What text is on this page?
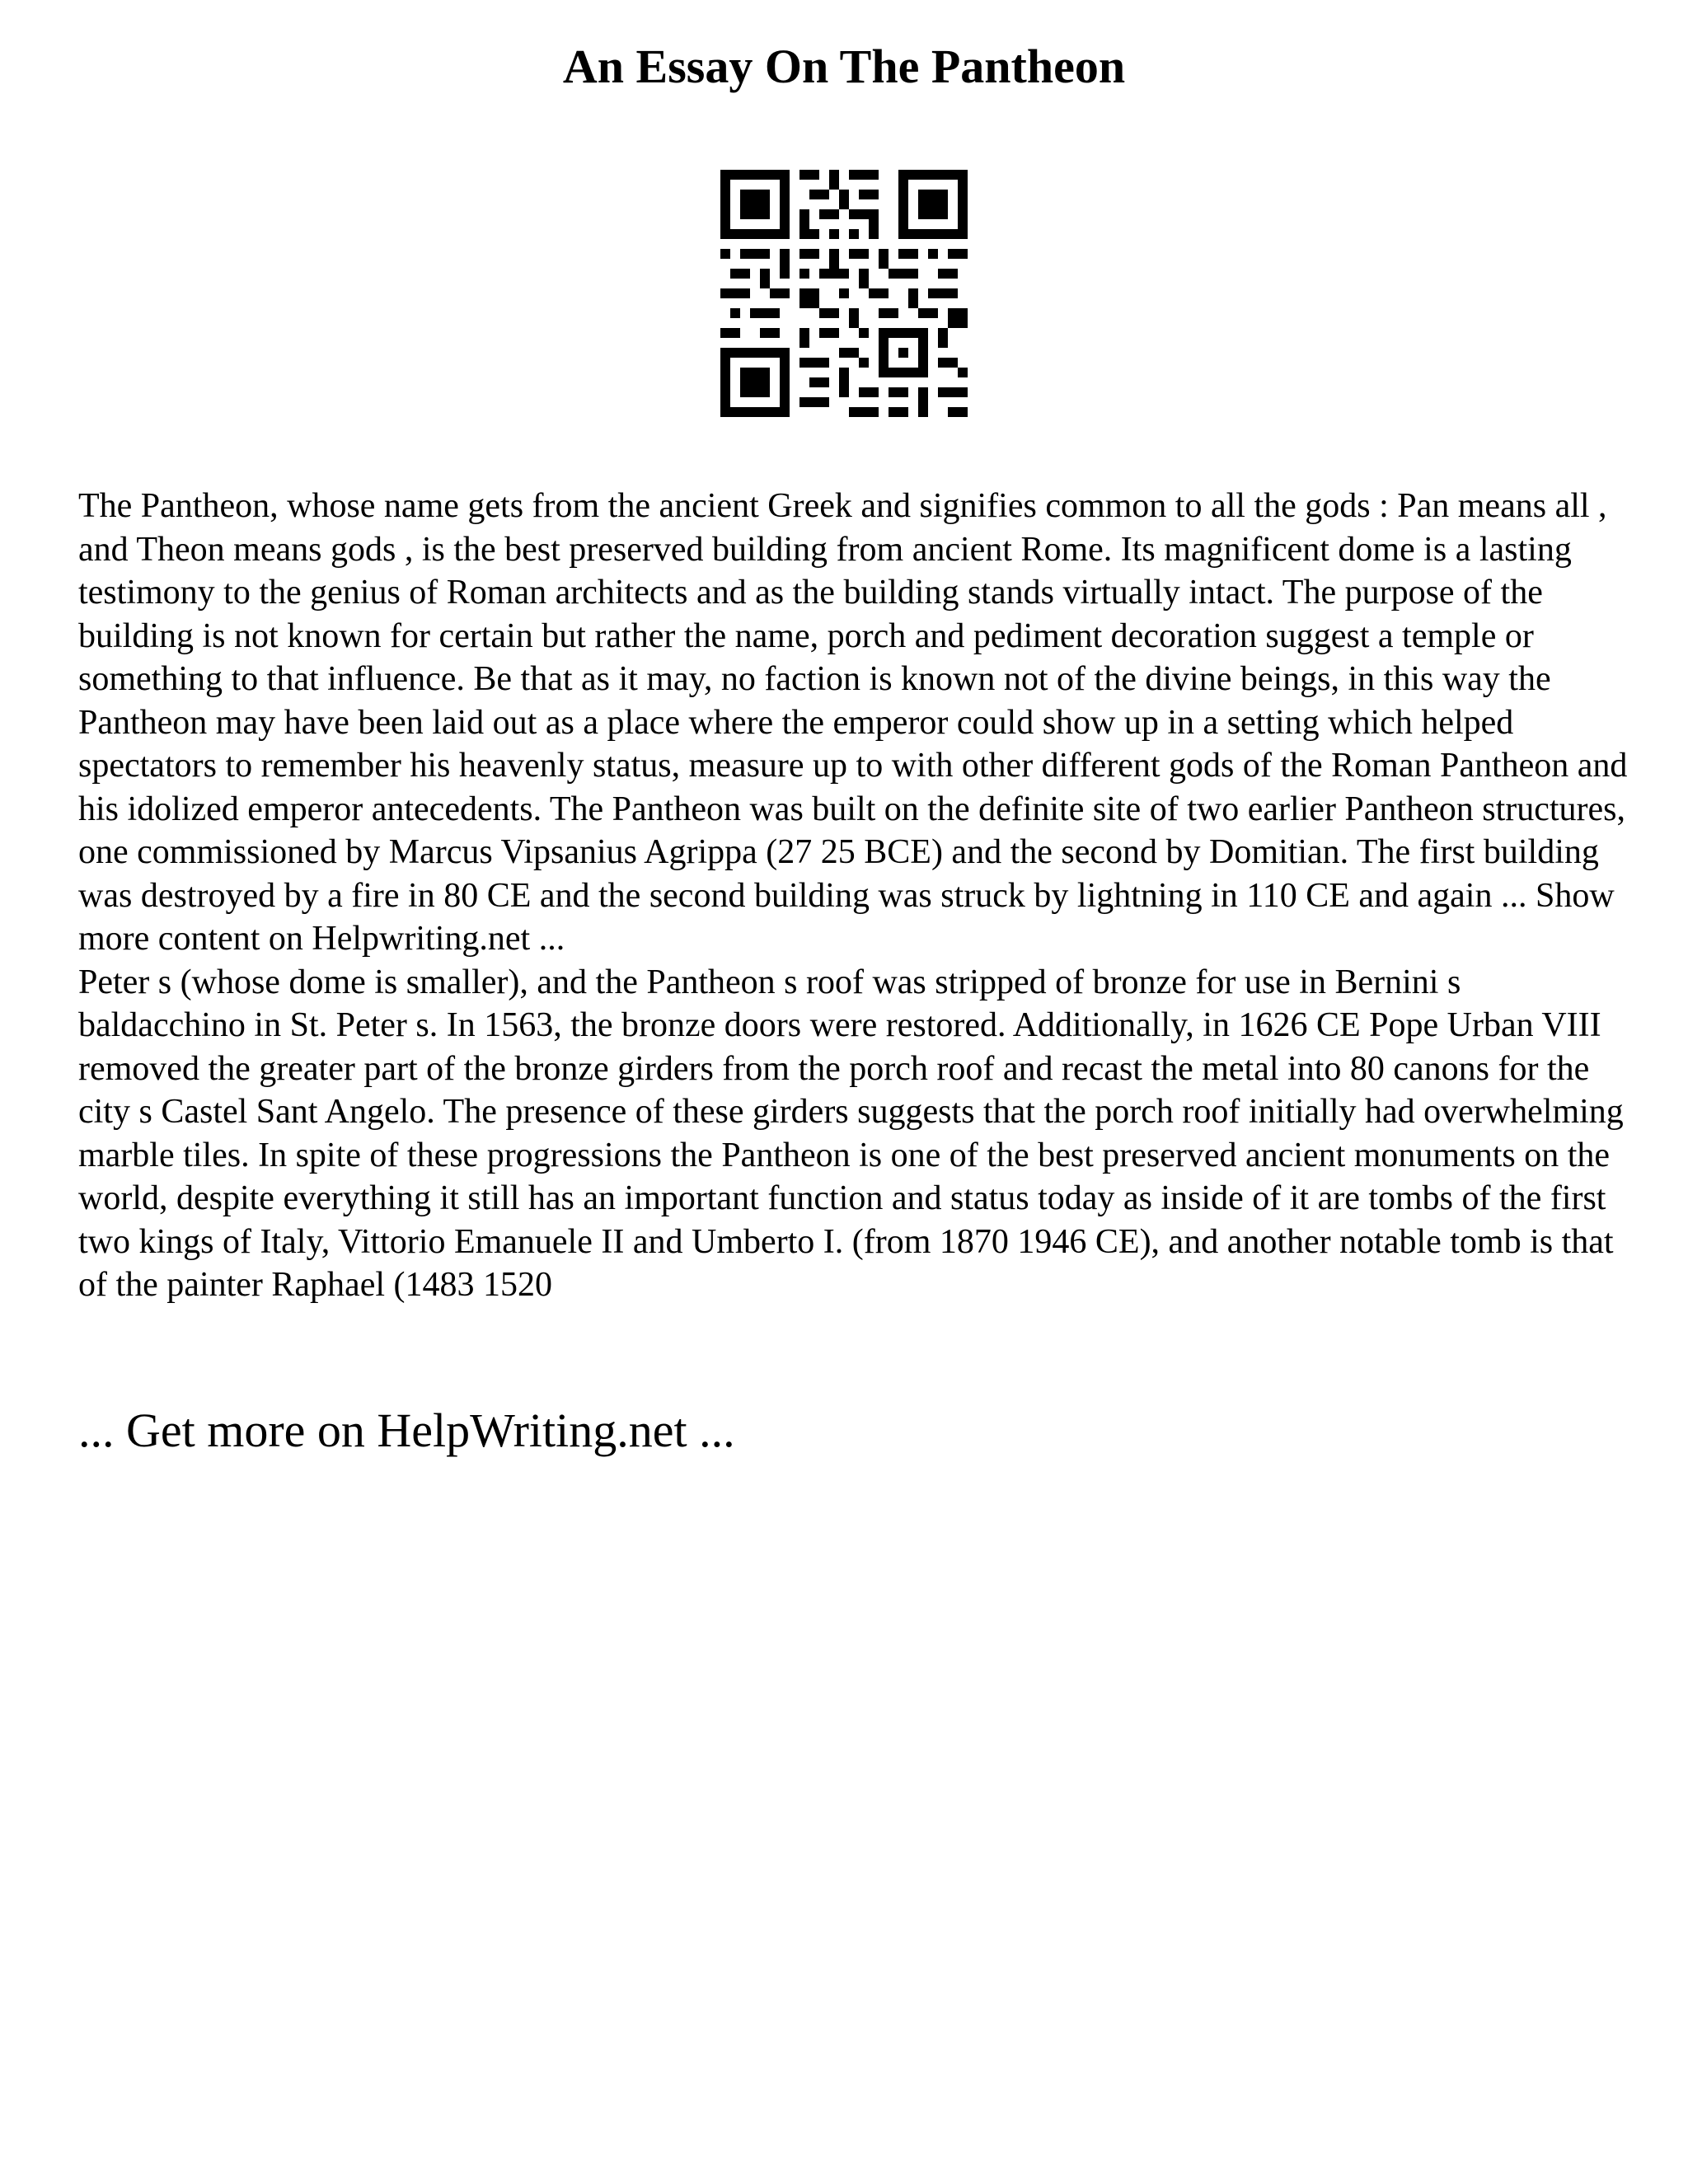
An Essay On The Pantheon

The Pantheon, whose name gets from the ancient Greek and signifies common to all the gods : Pan means all , and Theon means gods , is the best preserved building from ancient Rome. Its magnificent dome is a lasting testimony to the genius of Roman architects and as the building stands virtually intact. The purpose of the building is not known for certain but rather the name, porch and pediment decoration suggest a temple or something to that influence. Be that as it may, no faction is known not of the divine beings, in this way the Pantheon may have been laid out as a place where the emperor could show up in a setting which helped spectators to remember his heavenly status, measure up to with other different gods of the Roman Pantheon and his idolized emperor antecedents. The Pantheon was built on the definite site of two earlier Pantheon structures, one commissioned by Marcus Vipsanius Agrippa (27 25 BCE) and the second by Domitian. The first building was destroyed by a fire in 80 CE and the second building was struck by lightning in 110 CE and again ... Show more content on Helpwriting.net ...

Peter s (whose dome is smaller), and the Pantheon s roof was stripped of bronze for use in Bernini s baldacchino in St. Peter s. In 1563, the bronze doors were restored. Additionally, in 1626 CE Pope Urban VIII removed the greater part of the bronze girders from the porch roof and recast the metal into 80 canons for the city s Castel Sant Angelo. The presence of these girders suggests that the porch roof initially had overwhelming marble tiles. In spite of these progressions the Pantheon is one of the best preserved ancient monuments on the world, despite everything it still has an important function and status today as inside of it are tombs of the first two kings of Italy, Vittorio Emanuele II and Umberto I. (from 1870 1946 CE), and another notable tomb is that of the painter Raphael (1483 1520

... Get more on HelpWriting.net ...
